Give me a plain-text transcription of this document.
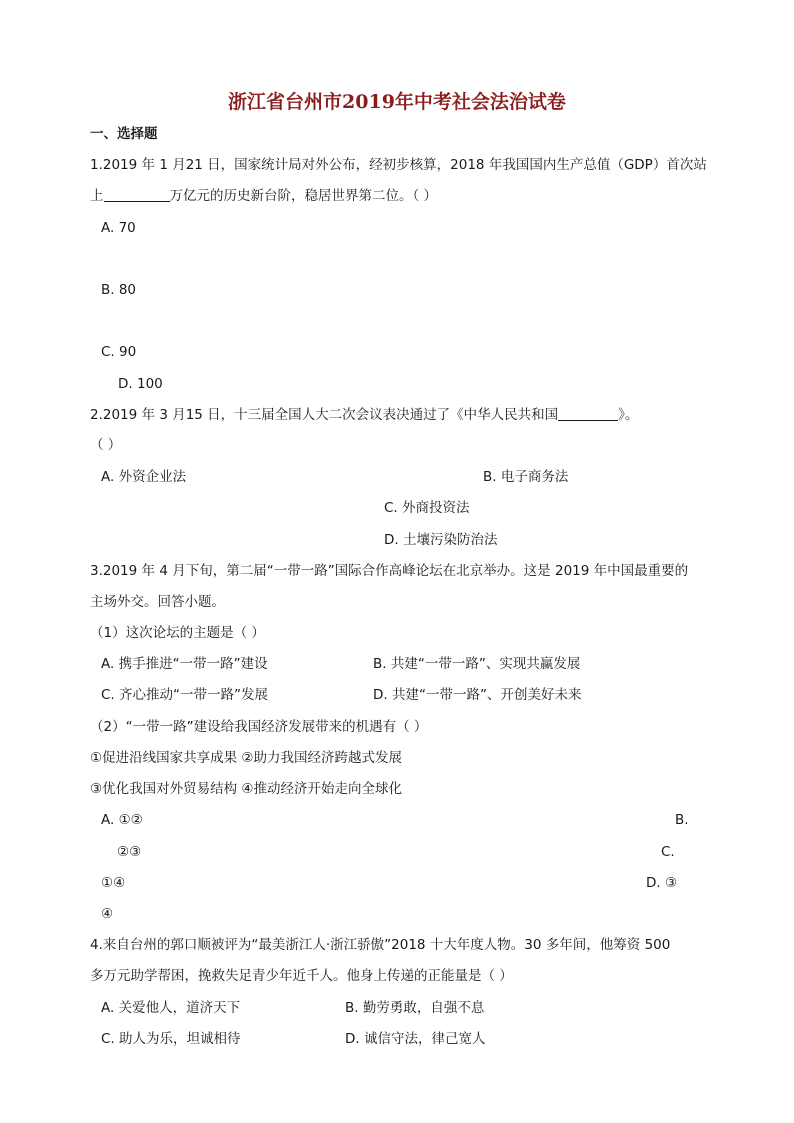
浙江省台州市2019年中考社会法治试卷
一、选择题
1.2019 年 1 月21 日，国家统计局对外公布，经初步核算，2018 年我国国内生产总值（GDP）首次站
上	万亿元的历史新台阶，稳居世界第二位。（ ）
A. 70
B. 80
C. 90
D. 100
2.2019 年 3 月15 日，十三届全国人大二次会议表决通过了《中华人民共和国	》。
（ ）
A. 外资企业法	B. 电子商务法
C. 外商投资法
D. 土壤污染防治法
3.2019 年 4 月下旬，第二届“一带一路”国际合作高峰论坛在北京举办。这是 2019 年中国最重要的
主场外交。回答小题。
（1）这次论坛的主题是（ ）
A. 携手推进“一带一路”建设	B. 共建“一带一路”、实现共赢发展
C. 齐心推动“一带一路”发展	D. 共建“一带一路”、开创美好未来
（2）“一带一路”建设给我国经济发展带来的机遇有（ ）
①促进沿线国家共享成果 ②助力我国经济跨越式发展
③优化我国对外贸易结构 ④推动经济开始走向全球化
A. ①②	B.
②③	C.
①④	D. ③
④
4.来自台州的郭口顺被评为“最美浙江人·浙江骄傲”2018 十大年度人物。30 多年间，他筹资 500
多万元助学帮困，挽救失足青少年近千人。他身上传递的正能量是（ ）
A. 关爱他人，道济天下	B. 勤劳勇敢，自强不息
C. 助人为乐，坦诚相待	D. 诚信守法，律己宽人
